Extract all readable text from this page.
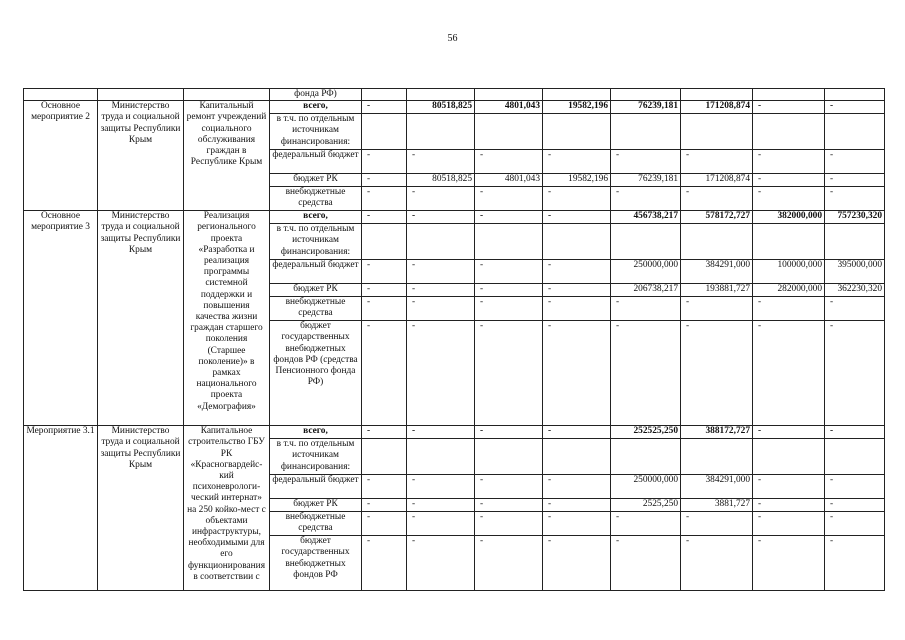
56
			фонда РФ)								
Основное мероприятие 2	Министерство труда и социальной защиты Республики Крым	Капитальный ремонт учреждений социального обслуживания граждан в Республике Крым	всего,	-	80518,825	4801,043	19582,196	76239,181	171208,874	-	-
			в т.ч. по отдельным источникам финансирования:								
			федеральный бюджет	-	-	-	-	-	-	-	-
			бюджет РК	-	80518,825	4801,043	19582,196	76239,181	171208,874	-	-
			внебюджетные средства	-	-	-	-	-	-	-	-
Основное мероприятие 3	Министерство труда и социальной защиты Республики Крым	Реализация регионального проекта «Разработка и реализация программы системной поддержки и повышения качества жизни граждан старшего поколения (Старшее поколение)» в рамках национального проекта «Демография»	всего,	-	-	-	-	456738,217	578172,727	382000,000	757230,320
			в т.ч. по отдельным источникам финансирования:								
			федеральный бюджет	-	-	-	-	250000,000	384291,000	100000,000	395000,000
			бюджет РК	-	-	-	-	206738,217	193881,727	282000,000	362230,320
			внебюджетные средства	-	-	-	-	-	-	-	-
			бюджет государственных внебюджетных фондов РФ (средства Пенсионного фонда РФ)	-	-	-	-	-	-	-	-
Мероприятие 3.1	Министерство труда и социальной защиты Республики Крым	Капитальное строительство ГБУ РК «Красногвардейс-кий психоневрологи-ческий интернат» на 250 койко-мест с объектами инфраструктуры, необходимыми для его функционирования в соответствии с	всего,	-	-	-	-	252525,250	388172,727	-	-
			в т.ч. по отдельным источникам финансирования:								
			федеральный бюджет	-	-	-	-	250000,000	384291,000	-	-
			бюджет РК	-	-	-	-	2525,250	3881,727	-	-
			внебюджетные средства	-	-	-	-	-	-	-	-
			бюджет государственных внебюджетных фондов РФ	-	-	-	-	-	-	-	-
